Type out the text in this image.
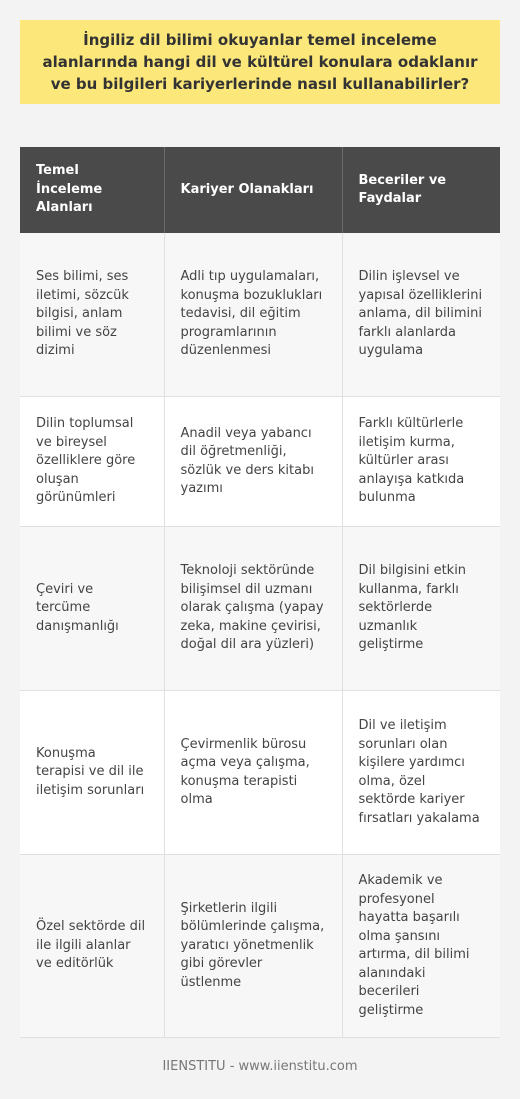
İngiliz dil bilimi okuyanlar temel inceleme alanlarında hangi dil ve kültürel konulara odaklanır ve bu bilgileri kariyerlerinde nasıl kullanabilirler?
Temel İnceleme Alanları	Kariyer Olanakları	Beceriler ve Faydalar
Ses bilimi, ses iletimi, sözcük bilgisi, anlam bilimi ve söz dizimi	Adli tıp uygulamaları, konuşma bozuklukları tedavisi, dil eğitim programlarının düzenlenmesi	Dilin işlevsel ve yapısal özelliklerini anlama, dil bilimini farklı alanlarda uygulama
Dilin toplumsal ve bireysel özelliklere göre oluşan görünümleri	Anadil veya yabancı dil öğretmenliği, sözlük ve ders kitabı yazımı	Farklı kültürlerle iletişim kurma, kültürler arası anlayışa katkıda bulunma
Çeviri ve tercüme danışmanlığı	Teknoloji sektöründe bilişimsel dil uzmanı olarak çalışma (yapay zeka, makine çevirisi, doğal dil ara yüzleri)	Dil bilgisini etkin kullanma, farklı sektörlerde uzmanlık geliştirme
Konuşma terapisi ve dil ile iletişim sorunları	Çevirmenlik bürosu açma veya çalışma, konuşma terapisti olma	Dil ve iletişim sorunları olan kişilere yardımcı olma, özel sektörde kariyer fırsatları yakalama
Özel sektörde dil ile ilgili alanlar ve editörlük	Şirketlerin ilgili bölümlerinde çalışma, yaratıcı yönetmenlik gibi görevler üstlenme	Akademik ve profesyonel hayatta başarılı olma şansını artırma, dil bilimi alanındaki becerileri geliştirme
IIENSTITU - www.iienstitu.com
